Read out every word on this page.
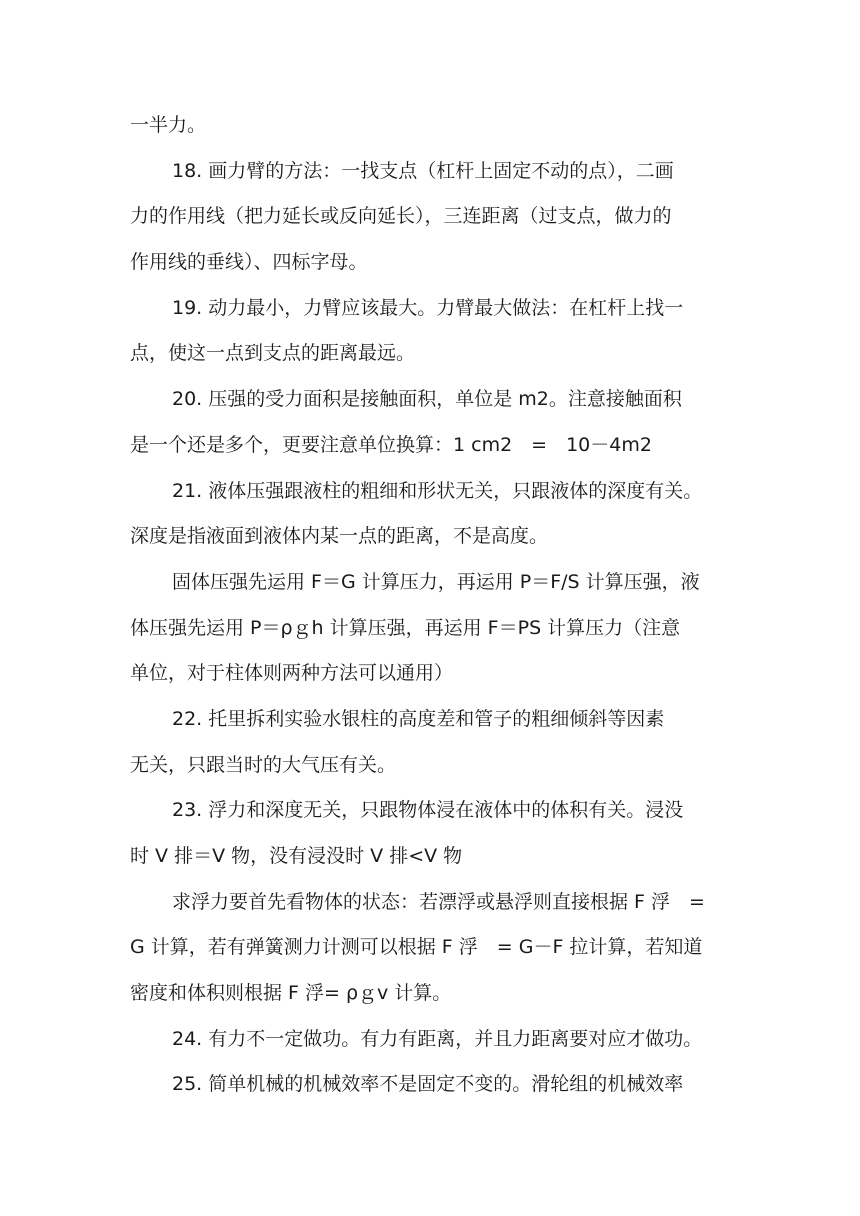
一半力。
18. 画力臂的方法：一找支点（杠杆上固定不动的点），二画
力的作用线（把力延长或反向延长），三连距离（过支点，做力的
作用线的垂线）、四标字母。
19. 动力最小，力臂应该最大。力臂最大做法：在杠杆上找一
点，使这一点到支点的距离最远。
20. 压强的受力面积是接触面积，单位是 m2。注意接触面积
是一个还是多个，更要注意单位换算：1 cm2　=　10－4m2
21. 液体压强跟液柱的粗细和形状无关，只跟液体的深度有关。
深度是指液面到液体内某一点的距离，不是高度。
固体压强先运用 F＝G 计算压力，再运用 P＝F/S 计算压强，液
体压强先运用 P＝ρｇh 计算压强，再运用 F＝PS 计算压力（注意
单位，对于柱体则两种方法可以通用）
22. 托里拆利实验水银柱的高度差和管子的粗细倾斜等因素
无关，只跟当时的大气压有关。
23. 浮力和深度无关，只跟物体浸在液体中的体积有关。浸没
时 V 排＝V 物，没有浸没时 V 排<V 物
求浮力要首先看物体的状态：若漂浮或悬浮则直接根据 F 浮　=
G 计算，若有弹簧测力计测可以根据 F 浮　= G－F 拉计算，若知道
密度和体积则根据 F 浮= ρｇv 计算。
24. 有力不一定做功。有力有距离，并且力距离要对应才做功。
25. 简单机械的机械效率不是固定不变的。滑轮组的机械效率
